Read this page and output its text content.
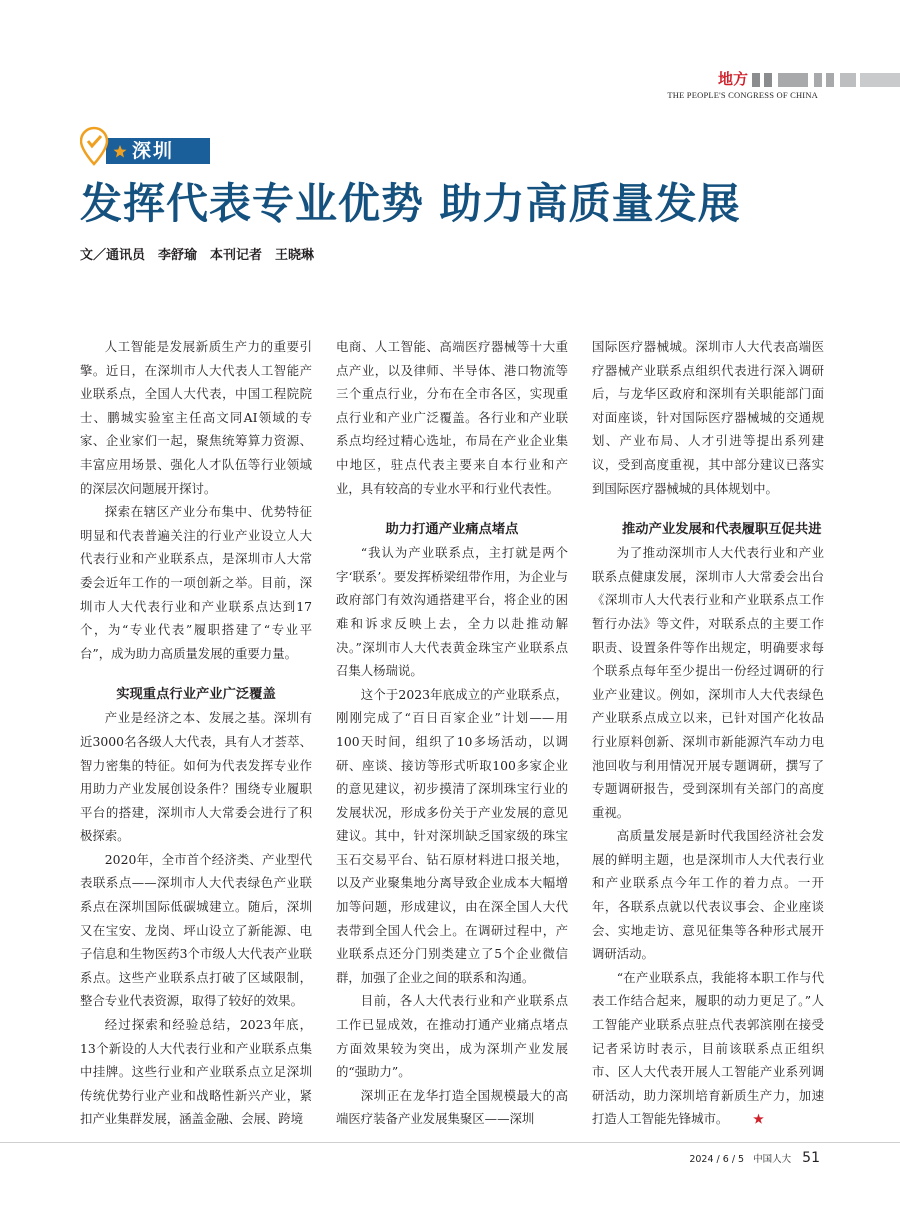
地方
THE PEOPLE'S CONGRESS OF CHINA
深圳
发挥代表专业优势 助力高质量发展
文／通讯员　李舒瑜　本刊记者　王晓琳

人工智能是发展新质生产力的重要引擎。近日，在深圳市人大代表人工智能产业联系点，全国人大代表，中国工程院院士、鹏城实验室主任高文同AI领域的专家、企业家们一起，聚焦统筹算力资源、丰富应用场景、强化人才队伍等行业领域的深层次问题展开探讨。

探索在辖区产业分布集中、优势特征明显和代表普遍关注的行业产业设立人大代表行业和产业联系点，是深圳市人大常委会近年工作的一项创新之举。目前，深圳市人大代表行业和产业联系点达到17个，为“专业代表”履职搭建了“专业平台”，成为助力高质量发展的重要力量。

实现重点行业产业广泛覆盖

产业是经济之本、发展之基。深圳有近3000名各级人大代表，具有人才荟萃、智力密集的特征。如何为代表发挥专业作用助力产业发展创设条件？围绕专业履职平台的搭建，深圳市人大常委会进行了积极探索。

2020年，全市首个经济类、产业型代表联系点——深圳市人大代表绿色产业联系点在深圳国际低碳城建立。随后，深圳又在宝安、龙岗、坪山设立了新能源、电子信息和生物医药3个市级人大代表产业联系点。这些产业联系点打破了区域限制，整合专业代表资源，取得了较好的效果。

经过探索和经验总结，2023年底，13个新设的人大代表行业和产业联系点集中挂牌。这些行业和产业联系点立足深圳传统优势行业产业和战略性新兴产业，紧扣产业集群发展，涵盖金融、会展、跨境

电商、人工智能、高端医疗器械等十大重点产业，以及律师、半导体、港口物流等三个重点行业，分布在全市各区，实现重点行业和产业广泛覆盖。各行业和产业联系点均经过精心选址，布局在产业企业集中地区，驻点代表主要来自本行业和产业，具有较高的专业水平和行业代表性。

助力打通产业痛点堵点

“我认为产业联系点，主打就是两个字‘联系’。要发挥桥梁纽带作用，为企业与政府部门有效沟通搭建平台，将企业的困难和诉求反映上去，全力以赴推动解决。”深圳市人大代表黄金珠宝产业联系点召集人杨瑞说。

这个于2023年底成立的产业联系点，刚刚完成了“百日百家企业”计划——用100天时间，组织了10多场活动，以调研、座谈、接访等形式听取100多家企业的意见建议，初步摸清了深圳珠宝行业的发展状况，形成多份关于产业发展的意见建议。其中，针对深圳缺乏国家级的珠宝玉石交易平台、钻石原材料进口报关地，以及产业聚集地分离导致企业成本大幅增加等问题，形成建议，由在深全国人大代表带到全国人代会上。在调研过程中，产业联系点还分门别类建立了5个企业微信群，加强了企业之间的联系和沟通。

目前，各人大代表行业和产业联系点工作已显成效，在推动打通产业痛点堵点方面效果较为突出，成为深圳产业发展的“强助力”。

深圳正在龙华打造全国规模最大的高端医疗装备产业发展集聚区——深圳

国际医疗器械城。深圳市人大代表高端医疗器械产业联系点组织代表进行深入调研后，与龙华区政府和深圳有关职能部门面对面座谈，针对国际医疗器械城的交通规划、产业布局、人才引进等提出系列建议，受到高度重视，其中部分建议已落实到国际医疗器械城的具体规划中。

推动产业发展和代表履职互促共进

为了推动深圳市人大代表行业和产业联系点健康发展，深圳市人大常委会出台《深圳市人大代表行业和产业联系点工作暂行办法》等文件，对联系点的主要工作职责、设置条件等作出规定，明确要求每个联系点每年至少提出一份经过调研的行业产业建议。例如，深圳市人大代表绿色产业联系点成立以来，已针对国产化妆品行业原料创新、深圳市新能源汽车动力电池回收与利用情况开展专题调研，撰写了专题调研报告，受到深圳有关部门的高度重视。

高质量发展是新时代我国经济社会发展的鲜明主题，也是深圳市人大代表行业和产业联系点今年工作的着力点。一开年，各联系点就以代表议事会、企业座谈会、实地走访、意见征集等各种形式展开调研活动。

“在产业联系点，我能将本职工作与代表工作结合起来，履职的动力更足了。”人工智能产业联系点驻点代表郭滨刚在接受记者采访时表示，目前该联系点正组织市、区人大代表开展人工智能产业系列调研活动，助力深圳培育新质生产力，加速打造人工智能先锋城市。 ★

2024 / 6 / 5 中国人大 51
